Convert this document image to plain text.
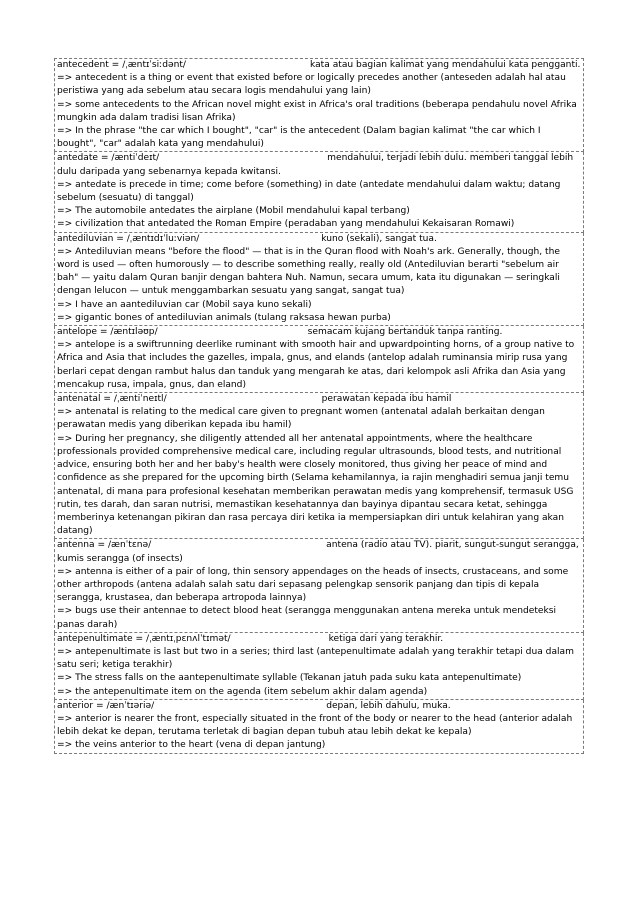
antecedent = /ˌæntɪˈsiːdənt/	kata atau bagian kalimat yang mendahului kata pengganti.
=> antecedent is a thing or event that existed before or logically precedes another (anteseden adalah hal atau peristiwa yang ada sebelum atau secara logis mendahului yang lain)
=> some antecedents to the African novel might exist in Africa's oral traditions (beberapa pendahulu novel Afrika mungkin ada dalam tradisi lisan Afrika)
=> In the phrase "the car which I bought", "car" is the antecedent (Dalam bagian kalimat "the car which I bought", "car" adalah kata yang mendahului)
antedate = /æntiˈdeɪt/	mendahului, terjadi lebih dulu. memberi tanggal lebih dulu daripada yang sebenarnya kepada kwitansi.
=> antedate is precede in time; come before (something) in date (antedate mendahului dalam waktu; datang sebelum (sesuatu) di tanggal)
=> The automobile antedates the airplane (Mobil mendahului kapal terbang)
=> civilization that antedated the Roman Empire (peradaban yang mendahului Kekaisaran Romawi)
antediluvian = /ˌæntɪdɪˈluːviən/	kuno (sekali), sangat tua.
=> Antediluvian means "before the flood" — that is in the Quran flood with Noah's ark. Generally, though, the word is used — often humorously — to describe something really, really old (Antediluvian berarti "sebelum air bah" — yaitu dalam Quran banjir dengan bahtera Nuh. Namun, secara umum, kata itu digunakan — seringkali dengan lelucon — untuk menggambarkan sesuatu yang sangat, sangat tua)
=> I have an aantediluvian car (Mobil saya kuno sekali)
=> gigantic bones of antediluvian animals (tulang raksasa hewan purba)
antelope = /æntɪləʊp/	semacam kujang bertanduk tanpa ranting.
=> antelope is a swiftrunning deerlike ruminant with smooth hair and upwardpointing horns, of a group native to Africa and Asia that includes the gazelles, impala, gnus, and elands (antelop adalah ruminansia mirip rusa yang berlari cepat dengan rambut halus dan tanduk yang mengarah ke atas, dari kelompok asli Afrika dan Asia yang mencakup rusa, impala, gnus, dan eland)
antenatal = /ˌæntiˈneɪtl/	perawatan kepada ibu hamil
=> antenatal is relating to the medical care given to pregnant women (antenatal adalah berkaitan dengan perawatan medis yang diberikan kepada ibu hamil)
=> During her pregnancy, she diligently attended all her antenatal appointments, where the healthcare professionals provided comprehensive medical care, including regular ultrasounds, blood tests, and nutritional advice, ensuring both her and her baby's health were closely monitored, thus giving her peace of mind and confidence as she prepared for the upcoming birth (Selama kehamilannya, ia rajin menghadiri semua janji temu antenatal, di mana para profesional kesehatan memberikan perawatan medis yang komprehensif, termasuk USG rutin, tes darah, dan saran nutrisi, memastikan kesehatannya dan bayinya dipantau secara ketat, sehingga memberinya ketenangan pikiran dan rasa percaya diri ketika ia mempersiapkan diri untuk kelahiran yang akan datang)
antenna = /ænˈtɛnə/	antena (radio atau TV). piarit, sungut-sungut serangga, kumis serangga (of insects)
=> antenna is either of a pair of long, thin sensory appendages on the heads of insects, crustaceans, and some other arthropods (antena adalah salah satu dari sepasang pelengkap sensorik panjang dan tipis di kepala serangga, krustasea, dan beberapa artropoda lainnya)
=> bugs use their antennae to detect blood heat (serangga menggunakan antena mereka untuk mendeteksi panas darah)
antepenultimate = /ˌæntɪˌpɛnʌlˈtɪmət/	ketiga dari yang terakhir.
=> antepenultimate is last but two in a series; third last (antepenultimate adalah yang terakhir tetapi dua dalam satu seri; ketiga terakhir)
=> The stress falls on the aantepenultimate syllable (Tekanan jatuh pada suku kata antepenultimate)
=> the antepenultimate item on the agenda (item sebelum akhir dalam agenda)
anterior = /ænˈtɪəriə/	depan, lebih dahulu, muka.
=> anterior is nearer the front, especially situated in the front of the body or nearer to the head (anterior adalah lebih dekat ke depan, terutama terletak di bagian depan tubuh atau lebih dekat ke kepala)
=> the veins anterior to the heart (vena di depan jantung)
